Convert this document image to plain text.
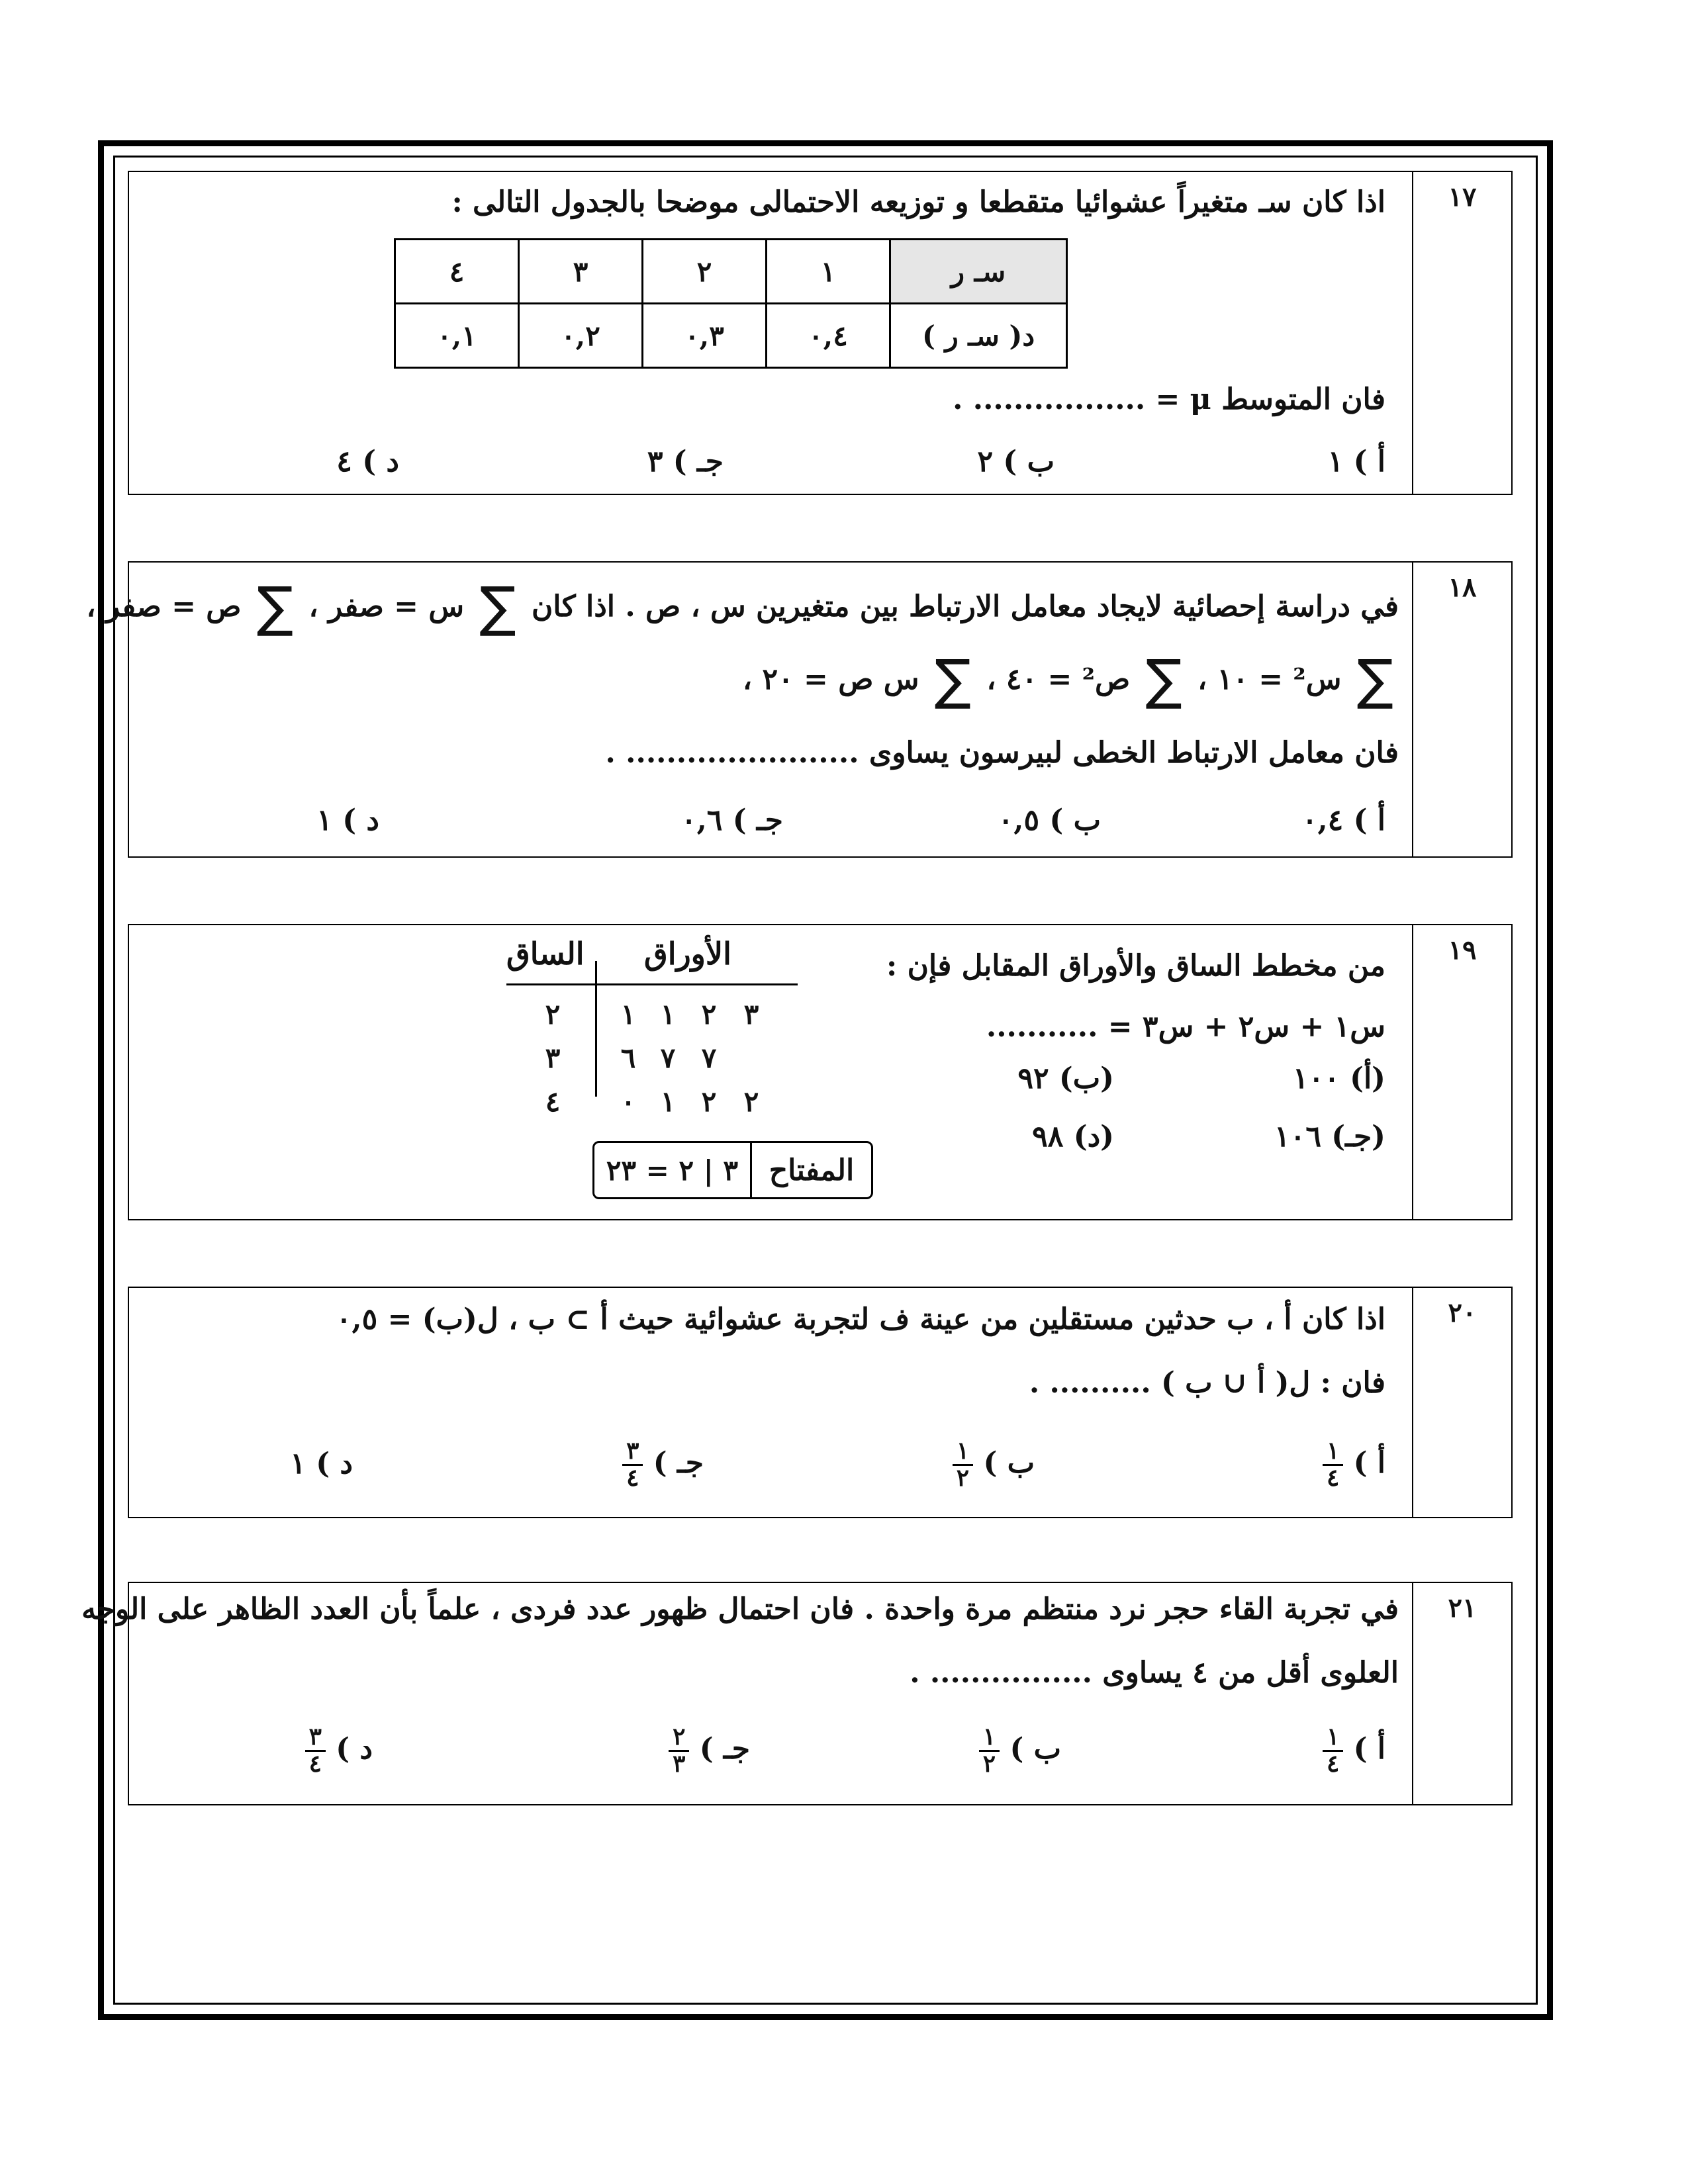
١٧
اذا كان سـ متغيراً عشوائيا متقطعا و توزيعه الاحتمالى موضحا بالجدول التالى :
سـ ر	١	٢	٣	٤
د( سـ ر )	٠,٤	٠,٣	٠,٢	٠,١
فان المتوسط μ = ................. .
أ ) ١
ب ) ٢
جـ ) ٣
د ) ٤
١٨
في دراسة إحصائية لايجاد معامل الارتباط بين متغيرين س ، ص . اذا كان ∑ س = صفر ، ∑ ص = صفر ،
∑ س² = ١٠ ، ∑ ص² = ٤٠ ، ∑ س ص = ٢٠ ،
فان معامل الارتباط الخطى لبيرسون يساوى ....................... .
أ ) ٠,٤
ب ) ٠,٥
جـ ) ٠,٦
د ) ١
١٩
من مخطط الساق والأوراق المقابل فإن :
س١ + س٢ + س٣ = ...........
(أ) ١٠٠
(ب) ٩٢
(جـ) ١٠٦
(د) ٩٨
الأوراق
الساق
٢ ١ ١ ٢ ٣
٣ ٦ ٧ ٧
٤ ٠ ١ ٢ ٢
المفتاح
٣ | ٢ = ٢٣
٢٠
اذا كان أ ، ب حدثين مستقلين من عينة ف لتجربة عشوائية حيث أ ⊃ ب ، ل(ب) = ٠,٥
فان : ل( أ ∪ ب ) .......... .
أ )
$\frac{١}{٤}$
ب )
$\frac{١}{٢}$
جـ )
$\frac{٣}{٤}$
د ) ١
٢١
في تجربة القاء حجر نرد منتظم مرة واحدة . فان احتمال ظهور عدد فردى ، علماً بأن العدد الظاهر على الوجه
العلوى أقل من ٤ يساوى ................ .
أ )
$\frac{١}{٤}$
ب )
$\frac{١}{٢}$
جـ )
$\frac{٢}{٣}$
د )
$\frac{٣}{٤}$
